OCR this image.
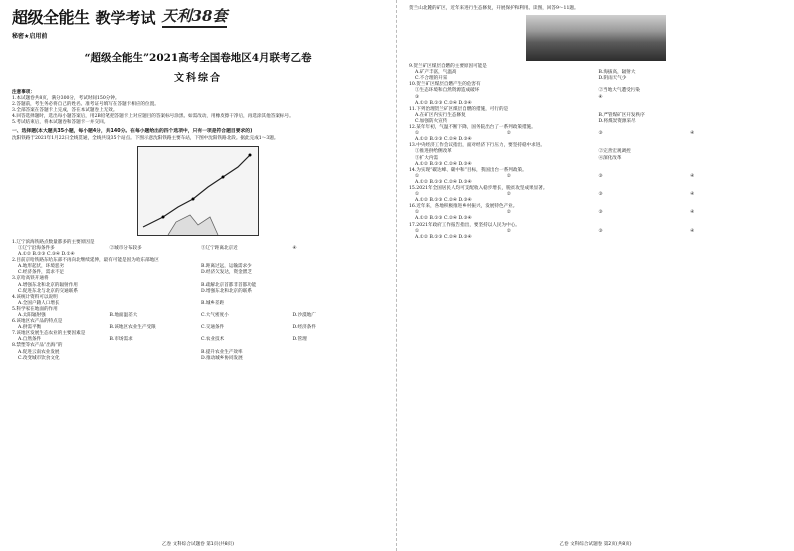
超级全能生 教学考试 天利38套
秘密★启用前
“超级全能生”2021高考全国卷地区4月联考乙卷
文科综合

注意事项：

1.本试题卷共8页，满分300分，考试时间150分钟。

2.答题前，考生务必将自己的姓名、准考证号填写在答题卡相应的位置。

3.全部答案在答题卡上完成，答在本试题卷上无效。

4.回答选择题时，选出每小题答案后，用2B铅笔把答题卡上对应题目的答案标号涂黑。如需改动，用橡皮擦干净后，再选涂其他答案标号。

5.考试结束后，将本试题卷和答题卡一并交回。

一、选择题(本大题共35小题，每小题4分，共140分。在每小题给出的四个选项中，只有一项是符合题目要求的)

沈阳铁路于2021年1月22日全线贯通，全线共设35个站点。下图示意沈阳铁路主要车站，下图中沈阳铁路北段。据此完成1～3题。

1.辽宁滨海铁路点数量都多的主要原因是

①辽宁沿海条件多	②城市分布较多	③辽宁距离北京近	④

A.①② B.②③ C.③④ D.①④

2.目前京哈铁路东哈东部不再向北继续延伸，最有可能是因为哈东部地区

A.地形起伏，环境恶劣	B.距离过远，运输需求少
C.经济条件，需求不足	D.经济欠发达，资金匮乏

3.京哈高铁开通将

A.增强东北和北京的辐射作用	B.疏解北京首都非首都功能
C.促进东北与北京的交通联系	D.增强东北和北京的联系

4.该统计资料可以说明

A.全国户籍人口增长	B.城乡差距

5.科学家在地面的作用

A.太阳辐射强	B.地面温差大	C.大气密度小	D.沙漠地广

6.该地区农产品的特点是

A.供需平衡	B.该地区农业生产受限	C.交通条件	D.经济条件

7.该地区发展生态农业的主要因素是

A.自然条件	B.市场需求	C.农业技术	D.管理

8.禁塑等农产品“出海”的

A.促进云南农业发展	B.提升农业生产效率
C.改变城市饮食文化	D.推动城乡协同发展
乙卷 文科综合试题卷 第1页(共8页)

贺兰山北麓的矿区，近年来进行生态修复，开展保护和利用。读图，回答9～11题。

9.贺兰矿区煤层自燃的主要原因可能是

A.矿产丰富，气温高	B.海拔高，辐射大
C.不合理的开采	D.阴雨天气少

10.贺兰矿区煤层自燃产生的危害有

①生态环境和自然资源造成破坏	②当地大气遭受污染
③	④

A.①② B.①③ C.②④ D.③④

11.下列治理贺兰矿区煤层自燃的措施，可行的是

A.在矿区内实行生态修复	B.严管煤矿区开发秩序
C.加强防火宣传	D.将煤炭资源采尽

12.某年年初，气温不断下降，国务院出台了一系列政策措施。

①	②	③	④

A.①② B.①③ C.②④ D.③④

13.中央经济工作会议指出，面对经济下行压力，要坚持稳中求进。

①推进供给侧改革	②完善宏观调控
③扩大内需	④深化改革

A.①② B.①③ C.②④ D.③④

14.为实现“碳达峰、碳中和”目标，我国出台一系列政策。

①	②	③	④

A.①② B.①③ C.②④ D.③④

15.2021年全国居民人均可支配收入稳步增长，脱贫攻坚成果显著。

①	②	③	④

A.①② B.①③ C.②④ D.③④

16.近年来，各地积极推进乡村振兴，发展特色产业。

①	②	③	④

A.①② B.①③ C.②④ D.③④

17.2021年政府工作报告指出，要坚持以人民为中心。

①	②	③	④

A.①② B.①③ C.②④ D.③④

乙卷 文科综合试题卷 第2页(共8页)
